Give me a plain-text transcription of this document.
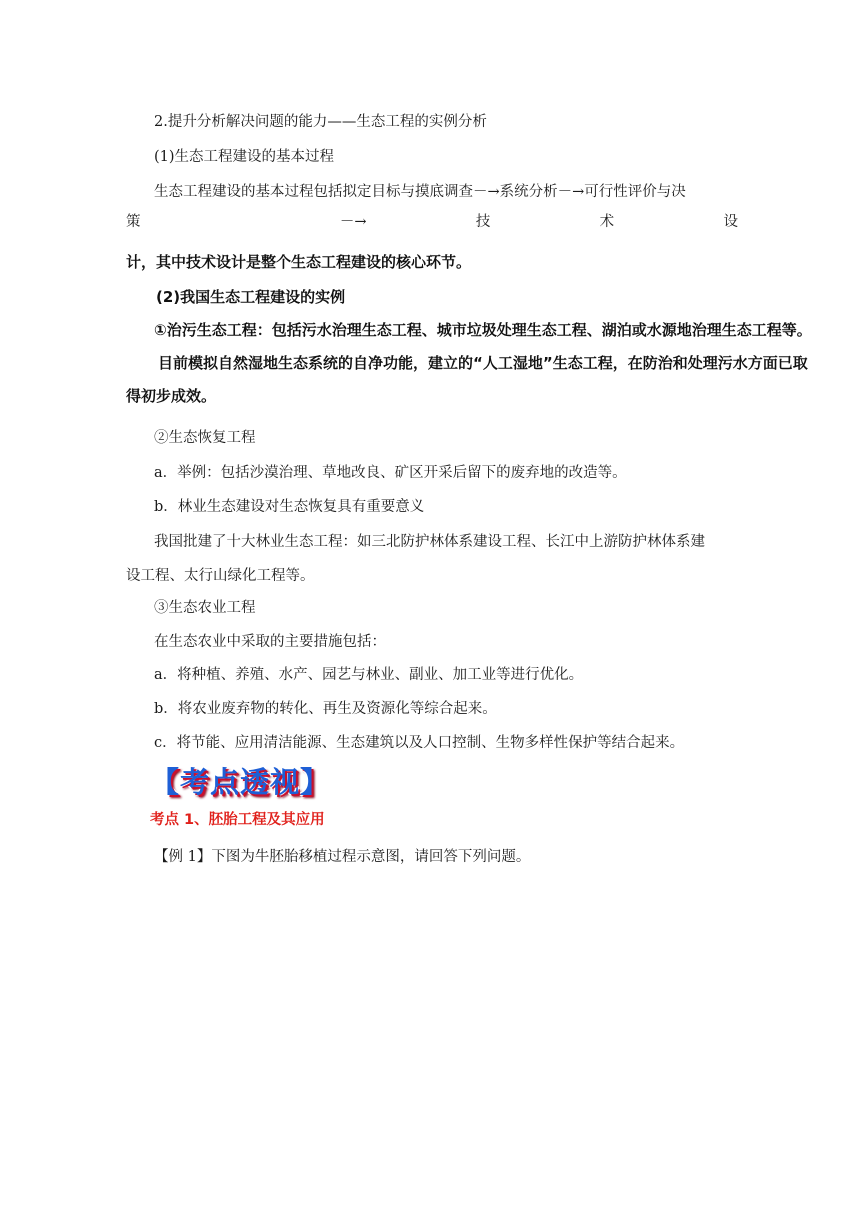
2.提升分析解决问题的能力——生态工程的实例分析
(1)生态工程建设的基本过程
生态工程建设的基本过程包括拟定目标与摸底调查－→系统分析－→可行性评价与决
策	－→	技	术	设
计，其中技术设计是整个生态工程建设的核心环节。
(2)我国生态工程建设的实例
①治污生态工程：包括污水治理生态工程、城市垃圾处理生态工程、湖泊或水源地治理生态工程等。
目前模拟自然湿地生态系统的自净功能，建立的“人工湿地”生态工程，在防治和处理污水方面已取
得初步成效。
②生态恢复工程
a．举例：包括沙漠治理、草地改良、矿区开采后留下的废弃地的改造等。
b．林业生态建设对生态恢复具有重要意义
我国批建了十大林业生态工程：如三北防护林体系建设工程、长江中上游防护林体系建
设工程、太行山绿化工程等。
③生态农业工程
在生态农业中采取的主要措施包括：
a．将种植、养殖、水产、园艺与林业、副业、加工业等进行优化。
b．将农业废弃物的转化、再生及资源化等综合起来。
c．将节能、应用清洁能源、生态建筑以及人口控制、生物多样性保护等结合起来。
【考点透视】
考点 1、胚胎工程及其应用
【例 1】下图为牛胚胎移植过程示意图，请回答下列问题。
